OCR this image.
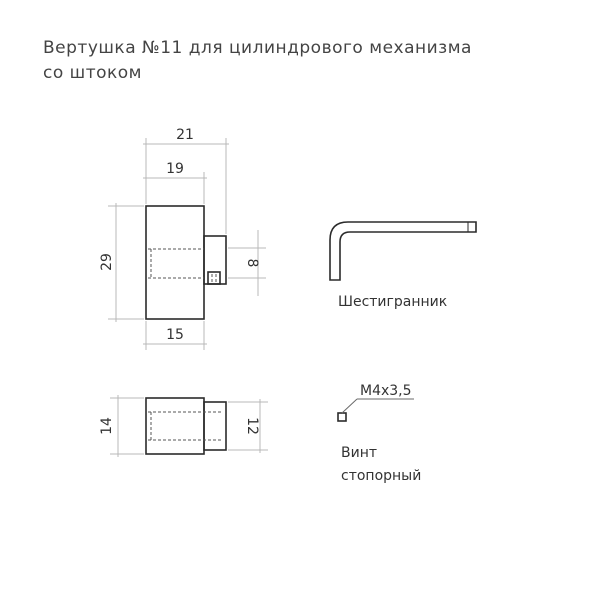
Вертушка №11 для цилиндрового механизма
со штоком
21
19
29	8
15
Шестигранник
14	12
M4x3,5
Винт
стопорный
